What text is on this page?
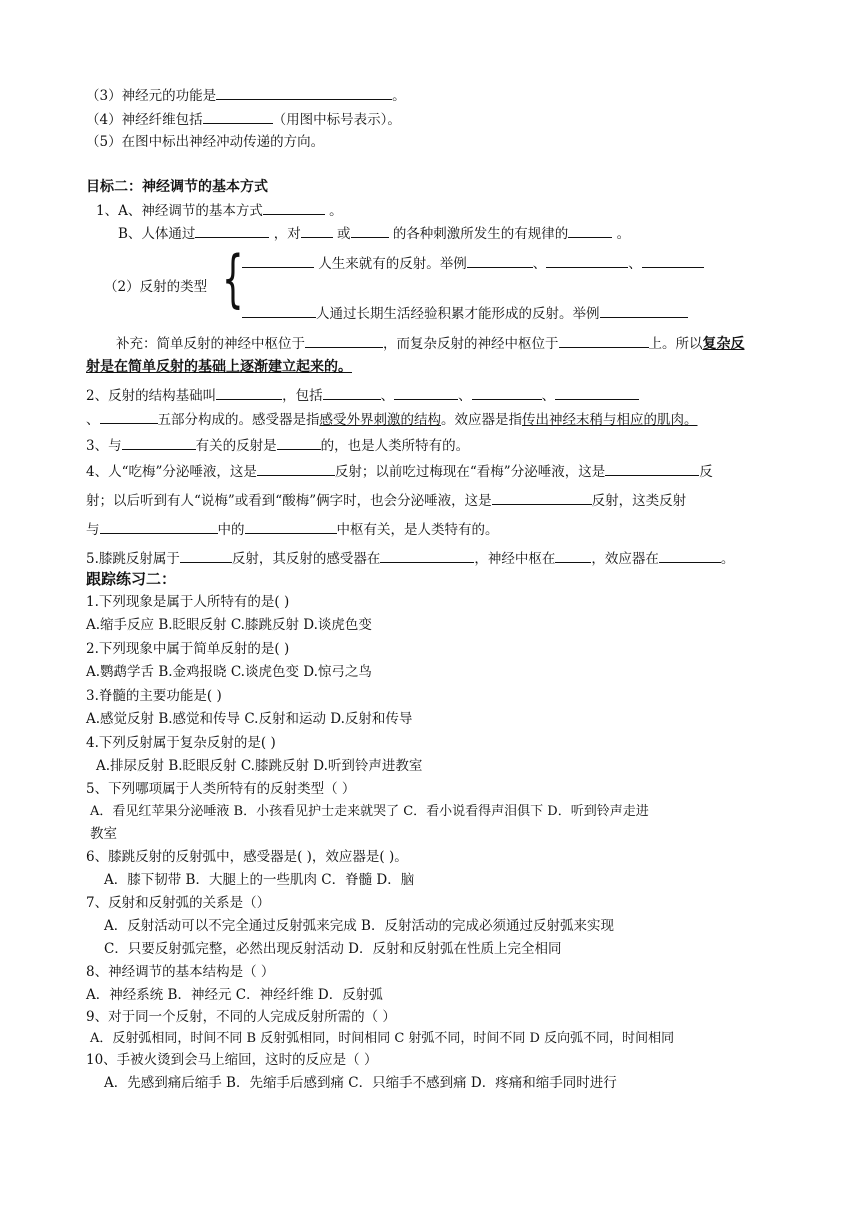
（3）神经元的功能是	。
（4）神经纤维包括	（用图中标号表示）。
（5）在图中标出神经冲动传递的方向。
目标二：神经调节的基本方式
1、A、神经调节的基本方式	。
B、人体通过	，对	或	的各种刺激所发生的有规律的	。
（2）反射的类型 {	人生来就有的反射。举例	、	、
人通过长期生活经验积累才能形成的反射。举例
补充：简单反射的神经中枢位于	，而复杂反射的神经中枢位于	上。所以复杂反
射是在简单反射的基础上逐渐建立起来的。
2、反射的结构基础叫	，包括	、	、	、
、	五部分构成的。感受器是指感受外界刺激的结构。效应器是指传出神经末稍与相应的肌肉。
3、与	有关的反射是	的，也是人类所特有的。
4、人“吃梅”分泌唾液，这是	反射；以前吃过梅现在“看梅”分泌唾液，这是	反
射；以后听到有人“说梅”或看到“酸梅”俩字时，也会分泌唾液，这是	反射，这类反射
与	中的	中枢有关，是人类特有的。
5.膝跳反射属于	反射，其反射的感受器在	，神经中枢在	，效应器在	。
跟踪练习二：
1.下列现象是属于人所特有的是( )
A.缩手反应 B.眨眼反射 C.膝跳反射 D.谈虎色变
2.下列现象中属于简单反射的是( )
A.鹦鹉学舌 B.金鸡报晓 C.谈虎色变 D.惊弓之鸟
3.脊髓的主要功能是( )
A.感觉反射 B.感觉和传导 C.反射和运动 D.反射和传导
4.下列反射属于复杂反射的是( )
A.排尿反射 B.眨眼反射 C.膝跳反射 D.听到铃声进教室
5、下列哪项属于人类所特有的反射类型（ ）
A．看见红苹果分泌唾液 B．小孩看见护士走来就哭了 C．看小说看得声泪俱下 D．听到铃声走进
教室
6、膝跳反射的反射弧中，感受器是( )，效应器是( )。
A．膝下韧带 B．大腿上的一些肌肉 C．脊髓 D．脑
7、反射和反射弧的关系是（）
A．反射活动可以不完全通过反射弧来完成 B．反射活动的完成必须通过反射弧来实现
C．只要反射弧完整，必然出现反射活动 D．反射和反射弧在性质上完全相同
8、神经调节的基本结构是（ ）
A．神经系统 B．神经元 C．神经纤维 D．反射弧
9、对于同一个反射，不同的人完成反射所需的（ ）
A．反射弧相同，时间不同 B 反射弧相同，时间相同 C 射弧不同，时间不同 D 反向弧不同，时间相同
10、手被火烫到会马上缩回，这时的反应是（ ）
A．先感到痛后缩手 B．先缩手后感到痛 C．只缩手不感到痛 D．疼痛和缩手同时进行
